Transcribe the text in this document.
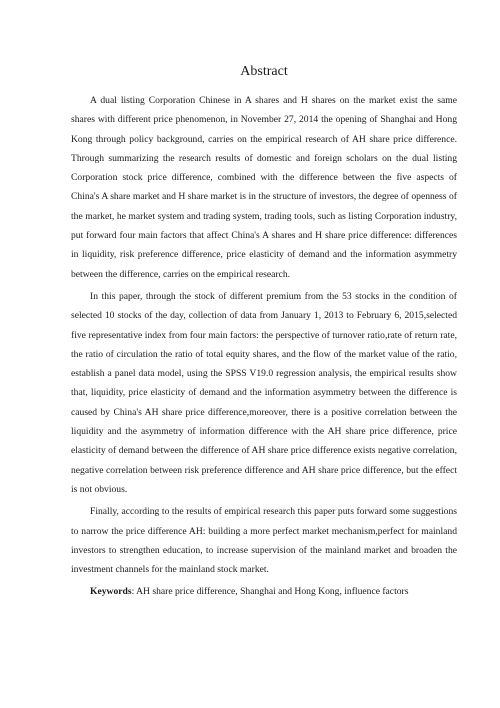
Abstract

A dual listing Corporation Chinese in A shares and H shares on the market exist the same shares with different price phenomenon, in November 27, 2014 the opening of Shanghai and Hong Kong through policy background, carries on the empirical research of AH share price difference. Through summarizing the research results of domestic and foreign scholars on the dual listing Corporation stock price difference, combined with the difference between the five aspects of China's A share market and H share market is in the structure of investors, the degree of openness of the market, he market system and trading system, trading tools, such as listing Corporation industry, put forward four main factors that affect China's A shares and H share price difference: differences in liquidity, risk preference difference, price elasticity of demand and the information asymmetry between the difference, carries on the empirical research.

In this paper, through the stock of different premium from the 53 stocks in the condition of selected 10 stocks of the day, collection of data from January 1, 2013 to February 6, 2015,selected five representative index from four main factors: the perspective of turnover ratio,rate of return rate, the ratio of circulation the ratio of total equity shares, and the flow of the market value of the ratio, establish a panel data model, using the SPSS V19.0 regression analysis, the empirical results show that, liquidity, price elasticity of demand and the information asymmetry between the difference is caused by China's AH share price difference,moreover, there is a positive correlation between the liquidity and the asymmetry of information difference with the AH share price difference, price elasticity of demand between the difference of AH share price difference exists negative correlation, negative correlation between risk preference difference and AH share price difference, but the effect is not obvious.

Finally, according to the results of empirical research this paper puts forward some suggestions to narrow the price difference AH: building a more perfect market mechanism,perfect for mainland investors to strengthen education, to increase supervision of the mainland market and broaden the investment channels for the mainland stock market.

Keywords: AH share price difference, Shanghai and Hong Kong, influence factors
